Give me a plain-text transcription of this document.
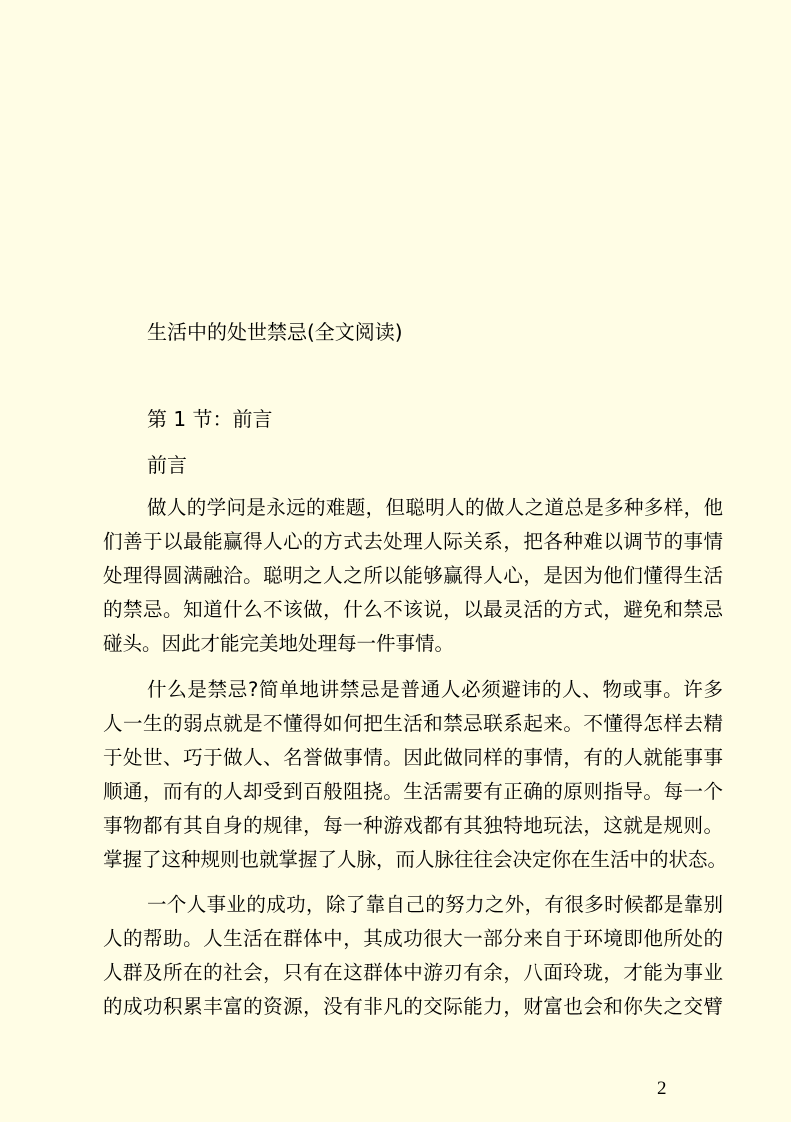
生活中的处世禁忌(全文阅读)
第 1 节：前言
前言
做人的学问是永远的难题，但聪明人的做人之道总是多种多样，他
们善于以最能赢得人心的方式去处理人际关系，把各种难以调节的事情
处理得圆满融洽。聪明之人之所以能够赢得人心，是因为他们懂得生活
的禁忌。知道什么不该做，什么不该说，以最灵活的方式，避免和禁忌
碰头。因此才能完美地处理每一件事情。
什么是禁忌?简单地讲禁忌是普通人必须避讳的人、物或事。许多
人一生的弱点就是不懂得如何把生活和禁忌联系起来。不懂得怎样去精
于处世、巧于做人、名誉做事情。因此做同样的事情，有的人就能事事
顺通，而有的人却受到百般阻挠。生活需要有正确的原则指导。每一个
事物都有其自身的规律，每一种游戏都有其独特地玩法，这就是规则。
掌握了这种规则也就掌握了人脉，而人脉往往会决定你在生活中的状态。
一个人事业的成功，除了靠自己的努力之外，有很多时候都是靠别
人的帮助。人生活在群体中，其成功很大一部分来自于环境即他所处的
人群及所在的社会，只有在这群体中游刃有余，八面玲珑，才能为事业
的成功积累丰富的资源，没有非凡的交际能力，财富也会和你失之交臂
2
